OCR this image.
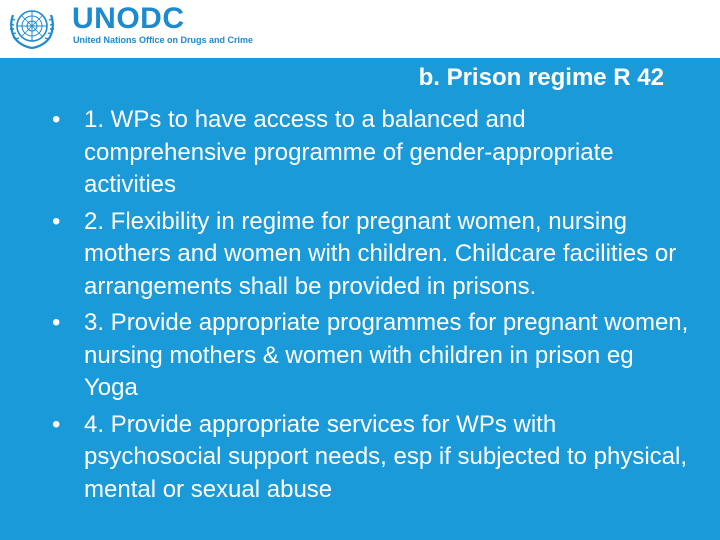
UNODC
United Nations Office on Drugs and Crime
b. Prison regime R 42
• 1. WPs to have access to a balanced and comprehensive programme of gender-appropriate activities
• 2. Flexibility in regime for pregnant women, nursing mothers and women with children. Childcare facilities or arrangements shall be provided in prisons.
• 3. Provide appropriate programmes for pregnant women, nursing mothers & women with children in prison eg Yoga
• 4. Provide appropriate services for WPs with psychosocial support needs, esp if subjected to physical, mental or sexual abuse
